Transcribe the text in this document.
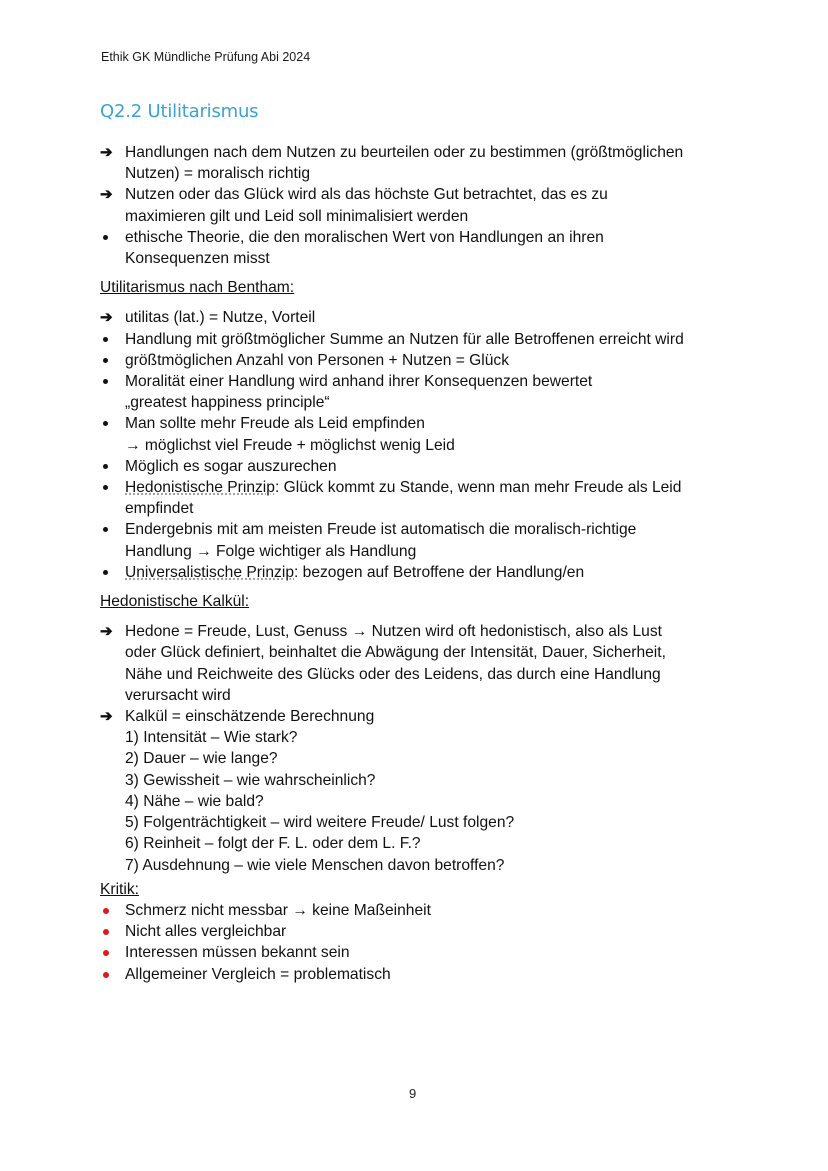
Ethik GK Mündliche Prüfung Abi 2024
Q2.2 Utilitarismus
➔ Handlungen nach dem Nutzen zu beurteilen oder zu bestimmen (größtmöglichen
Nutzen) = moralisch richtig
➔ Nutzen oder das Glück wird als das höchste Gut betrachtet, das es zu
maximieren gilt und Leid soll minimalisiert werden
ethische Theorie, die den moralischen Wert von Handlungen an ihren
Konsequenzen misst
Utilitarismus nach Bentham:
➔ utilitas (lat.) = Nutze, Vorteil
Handlung mit größtmöglicher Summe an Nutzen für alle Betroffenen erreicht wird
größtmöglichen Anzahl von Personen + Nutzen = Glück
Moralität einer Handlung wird anhand ihrer Konsequenzen bewertet
„greatest happiness principle“
Man sollte mehr Freude als Leid empfinden
→ möglichst viel Freude + möglichst wenig Leid
Möglich es sogar auszurechen
Hedonistische Prinzip: Glück kommt zu Stande, wenn man mehr Freude als Leid
empfindet
Endergebnis mit am meisten Freude ist automatisch die moralisch-richtige
Handlung → Folge wichtiger als Handlung
Universalistische Prinzip: bezogen auf Betroffene der Handlung/en
Hedonistische Kalkül:
➔ Hedone = Freude, Lust, Genuss → Nutzen wird oft hedonistisch, also als Lust
oder Glück definiert, beinhaltet die Abwägung der Intensität, Dauer, Sicherheit,
Nähe und Reichweite des Glücks oder des Leidens, das durch eine Handlung
verursacht wird
➔ Kalkül = einschätzende Berechnung
1) Intensität – Wie stark?
2) Dauer – wie lange?
3) Gewissheit – wie wahrscheinlich?
4) Nähe – wie bald?
5) Folgenträchtigkeit – wird weitere Freude/ Lust folgen?
6) Reinheit – folgt der F. L. oder dem L. F.?
7) Ausdehnung – wie viele Menschen davon betroffen?
Kritik:
Schmerz nicht messbar → keine Maßeinheit
Nicht alles vergleichbar
Interessen müssen bekannt sein
Allgemeiner Vergleich = problematisch
9
